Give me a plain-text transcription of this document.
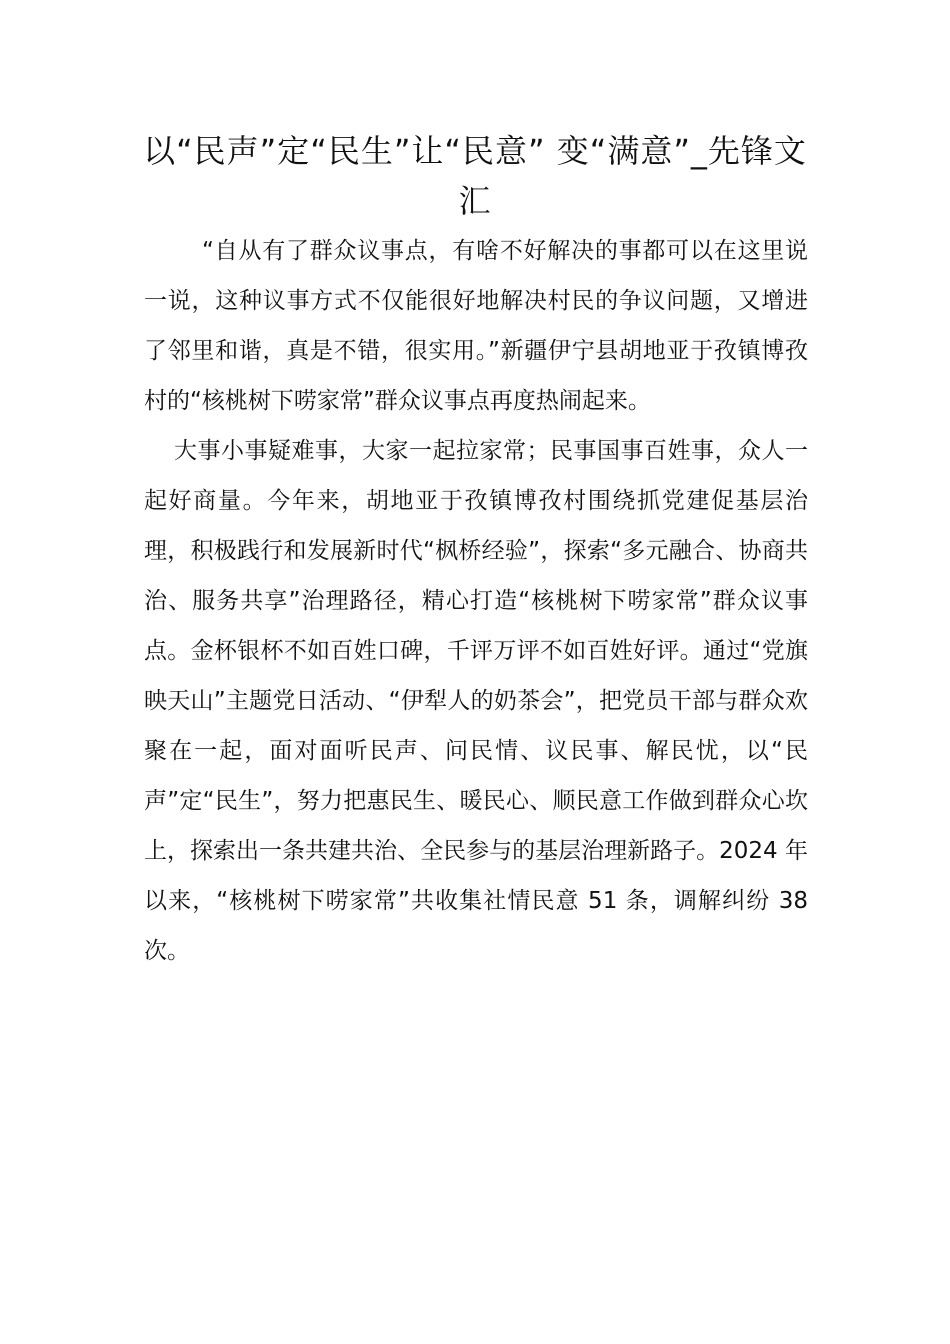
以“民声”定“民生”让“民意” 变“满意”_先锋文汇

“自从有了群众议事点，有啥不好解决的事都可以在这里说一说，这种议事方式不仅能很好地解决村民的争议问题，又增进了邻里和谐，真是不错，很实用。”新疆伊宁县胡地亚于孜镇博孜村的“核桃树下唠家常”群众议事点再度热闹起来。

大事小事疑难事，大家一起拉家常；民事国事百姓事，众人一起好商量。今年来，胡地亚于孜镇博孜村围绕抓党建促基层治理，积极践行和发展新时代“枫桥经验”，探索“多元融合、协商共治、服务共享”治理路径，精心打造“核桃树下唠家常”群众议事点。金杯银杯不如百姓口碑，千评万评不如百姓好评。通过“党旗映天山”主题党日活动、“伊犁人的奶茶会”，把党员干部与群众欢聚在一起，面对面听民声、问民情、议民事、解民忧，以“民声”定“民生”，努力把惠民生、暖民心、顺民意工作做到群众心坎上，探索出一条共建共治、全民参与的基层治理新路子。2024 年以来，“核桃树下唠家常”共收集社情民意 51 条，调解纠纷 38 次。
